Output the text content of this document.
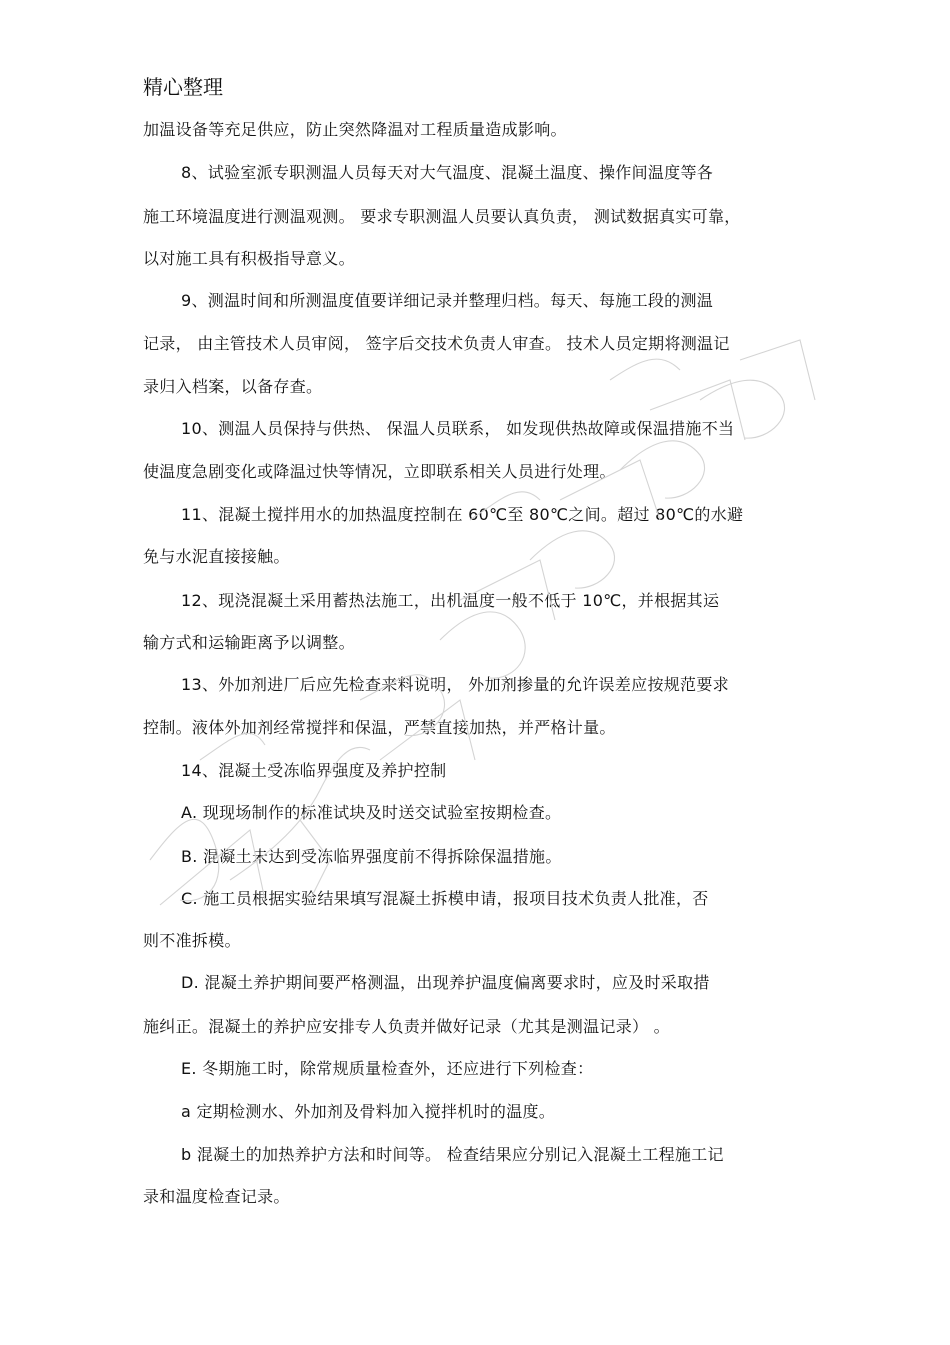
精心整理
加温设备等充足供应，防止突然降温对工程质量造成影响。
8、试验室派专职测温人员每天对大气温度、混凝土温度、操作间温度等各
施工环境温度进行测温观测。 要求专职测温人员要认真负责， 测试数据真实可靠，
以对施工具有积极指导意义。
9、测温时间和所测温度值要详细记录并整理归档。每天、每施工段的测温
记录， 由主管技术人员审阅， 签字后交技术负责人审查。 技术人员定期将测温记
录归入档案，以备存查。
10、测温人员保持与供热、 保温人员联系， 如发现供热故障或保温措施不当
使温度急剧变化或降温过快等情况，立即联系相关人员进行处理。
11、混凝土搅拌用水的加热温度控制在 60℃至 80℃之间。超过 80℃的水避
免与水泥直接接触。
12、现浇混凝土采用蓄热法施工，出机温度一般不低于 10℃，并根据其运
输方式和运输距离予以调整。
13、外加剂进厂后应先检查来料说明， 外加剂掺量的允许误差应按规范要求
控制。液体外加剂经常搅拌和保温，严禁直接加热，并严格计量。
14、混凝土受冻临界强度及养护控制
A. 现现场制作的标准试块及时送交试验室按期检查。
B. 混凝土未达到受冻临界强度前不得拆除保温措施。
C. 施工员根据实验结果填写混凝土拆模申请，报项目技术负责人批准，否
则不准拆模。
D. 混凝土养护期间要严格测温，出现养护温度偏离要求时，应及时采取措
施纠正。混凝土的养护应安排专人负责并做好记录（尤其是测温记录） 。
E. 冬期施工时，除常规质量检查外，还应进行下列检查：
a 定期检测水、外加剂及骨料加入搅拌机时的温度。
b 混凝土的加热养护方法和时间等。 检查结果应分别记入混凝土工程施工记
录和温度检查记录。
